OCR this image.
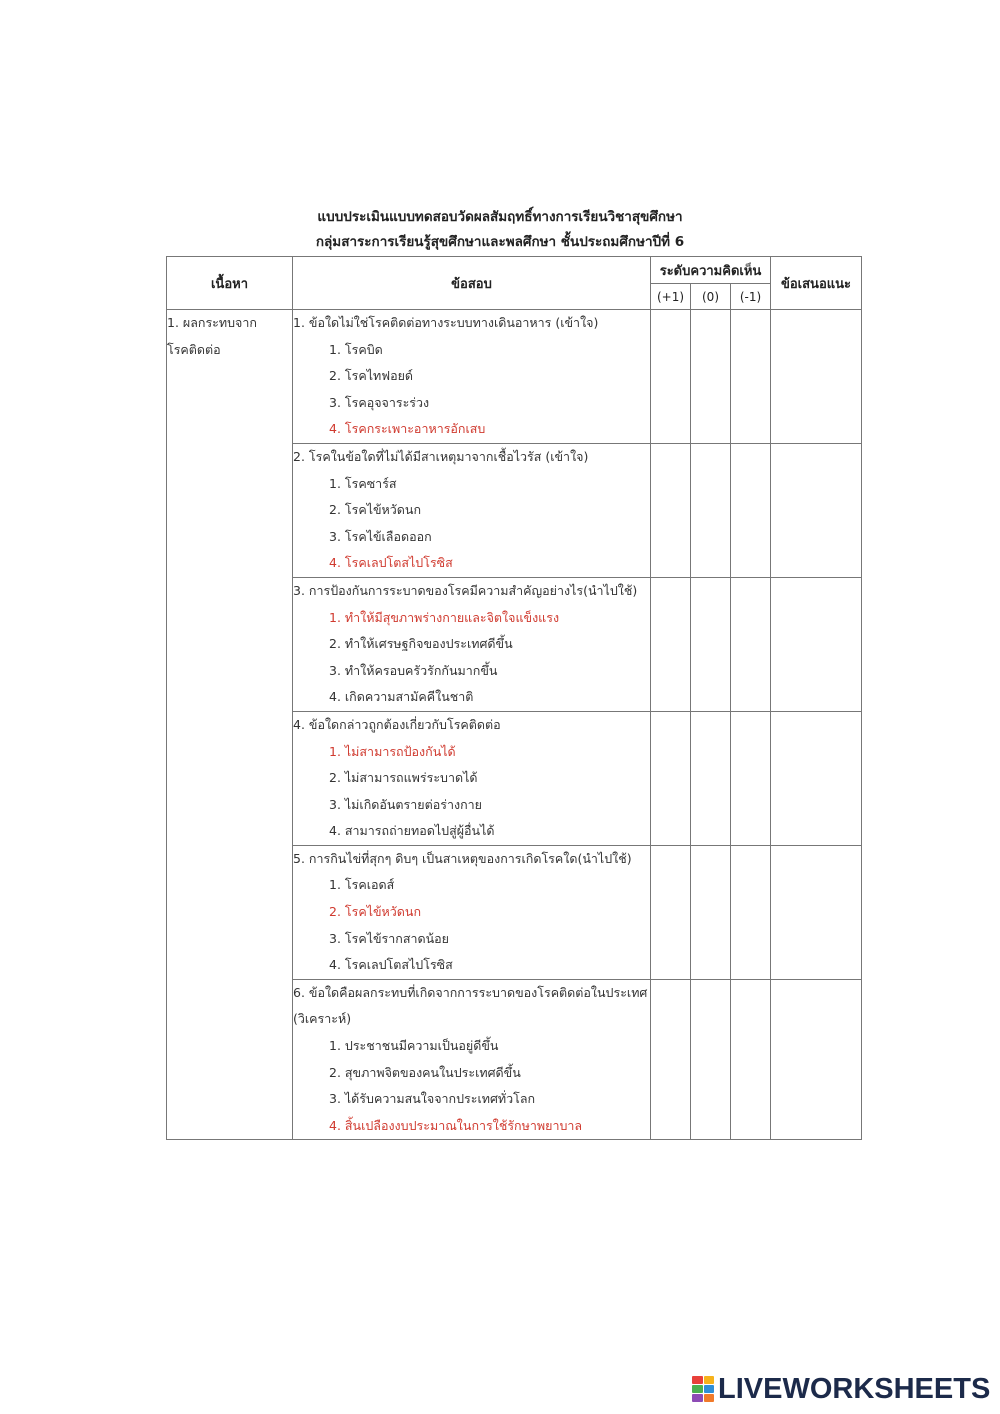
แบบประเมินแบบทดสอบวัดผลสัมฤทธิ์ทางการเรียนวิชาสุขศึกษา
กลุ่มสาระการเรียนรู้สุขศึกษาและพลศึกษา ชั้นประถมศึกษาปีที่ 6
เนื้อหา	ข้อสอบ	ระดับความคิดเห็น			ข้อเสนอแนะ
		(+1)	(0)	(-1)	

1. ผลกระทบจาก
โรคติดต่อ	1. ข้อใดไม่ใช่โรคติดต่อทางระบบทางเดินอาหาร (เข้าใจ)
1. โรคบิด
2. โรคไทฟอยด์
3. โรคอุจจาระร่วง
4. โรคกระเพาะอาหารอักเสบ				

	2. โรคในข้อใดที่ไม่ได้มีสาเหตุมาจากเชื้อไวรัส (เข้าใจ)
1. โรคซาร์ส
2. โรคไข้หวัดนก
3. โรคไข้เลือดออก
4. โรคเลปโตสไปโรซิส				

	3. การป้องกันการระบาดของโรคมีความสำคัญอย่างไร(นำไปใช้)
1. ทำให้มีสุขภาพร่างกายและจิตใจแข็งแรง
2. ทำให้เศรษฐกิจของประเทศดีขึ้น
3. ทำให้ครอบครัวรักกันมากขึ้น
4. เกิดความสามัคคีในชาติ				

	4. ข้อใดกล่าวถูกต้องเกี่ยวกับโรคติดต่อ
1. ไม่สามารถป้องกันได้
2. ไม่สามารถแพร่ระบาดได้
3. ไม่เกิดอันตรายต่อร่างกาย
4. สามารถถ่ายทอดไปสู่ผู้อื่นได้				

	5. การกินไข่ที่สุกๆ ดิบๆ เป็นสาเหตุของการเกิดโรคใด(นำไปใช้)
1. โรคเอดส์
2. โรคไข้หวัดนก
3. โรคไข้รากสาดน้อย
4. โรคเลปโตสไปโรซิส				

	6. ข้อใดคือผลกระทบที่เกิดจากการระบาดของโรคติดต่อในประเทศ (วิเคราะห์)
1. ประชาชนมีความเป็นอยู่ดีขึ้น
2. สุขภาพจิตของคนในประเทศดีขึ้น
3. ได้รับความสนใจจากประเทศทั่วโลก
4. สิ้นเปลืองงบประมาณในการใช้รักษาพยาบาล				

LIVEWORKSHEETS
